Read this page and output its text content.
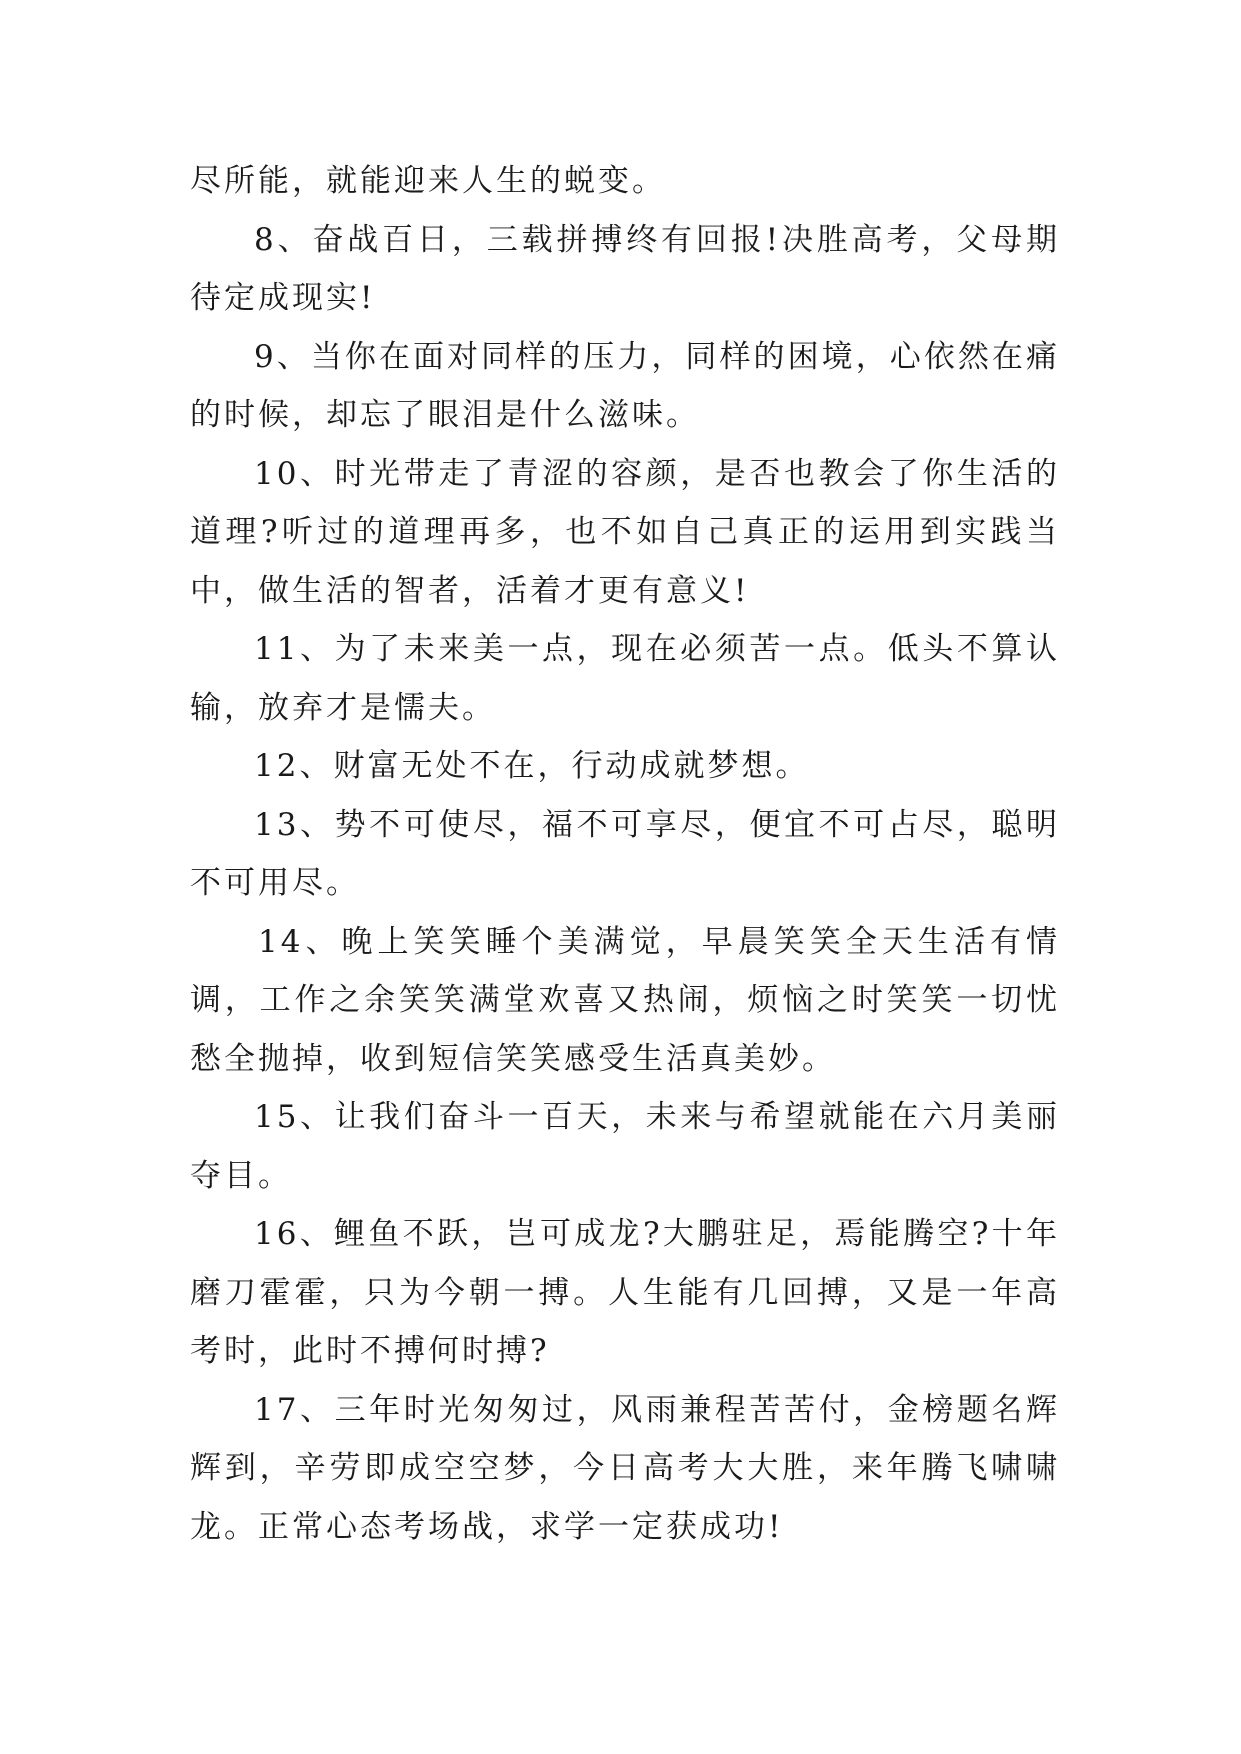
尽所能，就能迎来人生的蜕变。

8、奋战百日，三载拼搏终有回报!决胜高考，父母期待定成现实!

9、当你在面对同样的压力，同样的困境，心依然在痛的时候，却忘了眼泪是什么滋味。

10、时光带走了青涩的容颜，是否也教会了你生活的道理?听过的道理再多，也不如自己真正的运用到实践当中，做生活的智者，活着才更有意义!

11、为了未来美一点，现在必须苦一点。低头不算认输，放弃才是懦夫。

12、财富无处不在，行动成就梦想。

13、势不可使尽，福不可享尽，便宜不可占尽，聪明不可用尽。

14、晚上笑笑睡个美满觉，早晨笑笑全天生活有情调，工作之余笑笑满堂欢喜又热闹，烦恼之时笑笑一切忧愁全抛掉，收到短信笑笑感受生活真美妙。

15、让我们奋斗一百天，未来与希望就能在六月美丽夺目。

16、鲤鱼不跃，岂可成龙?大鹏驻足，焉能腾空?十年磨刀霍霍，只为今朝一搏。人生能有几回搏，又是一年高考时，此时不搏何时搏?

17、三年时光匆匆过，风雨兼程苦苦付，金榜题名辉辉到，辛劳即成空空梦，今日高考大大胜，来年腾飞啸啸龙。正常心态考场战，求学一定获成功!
